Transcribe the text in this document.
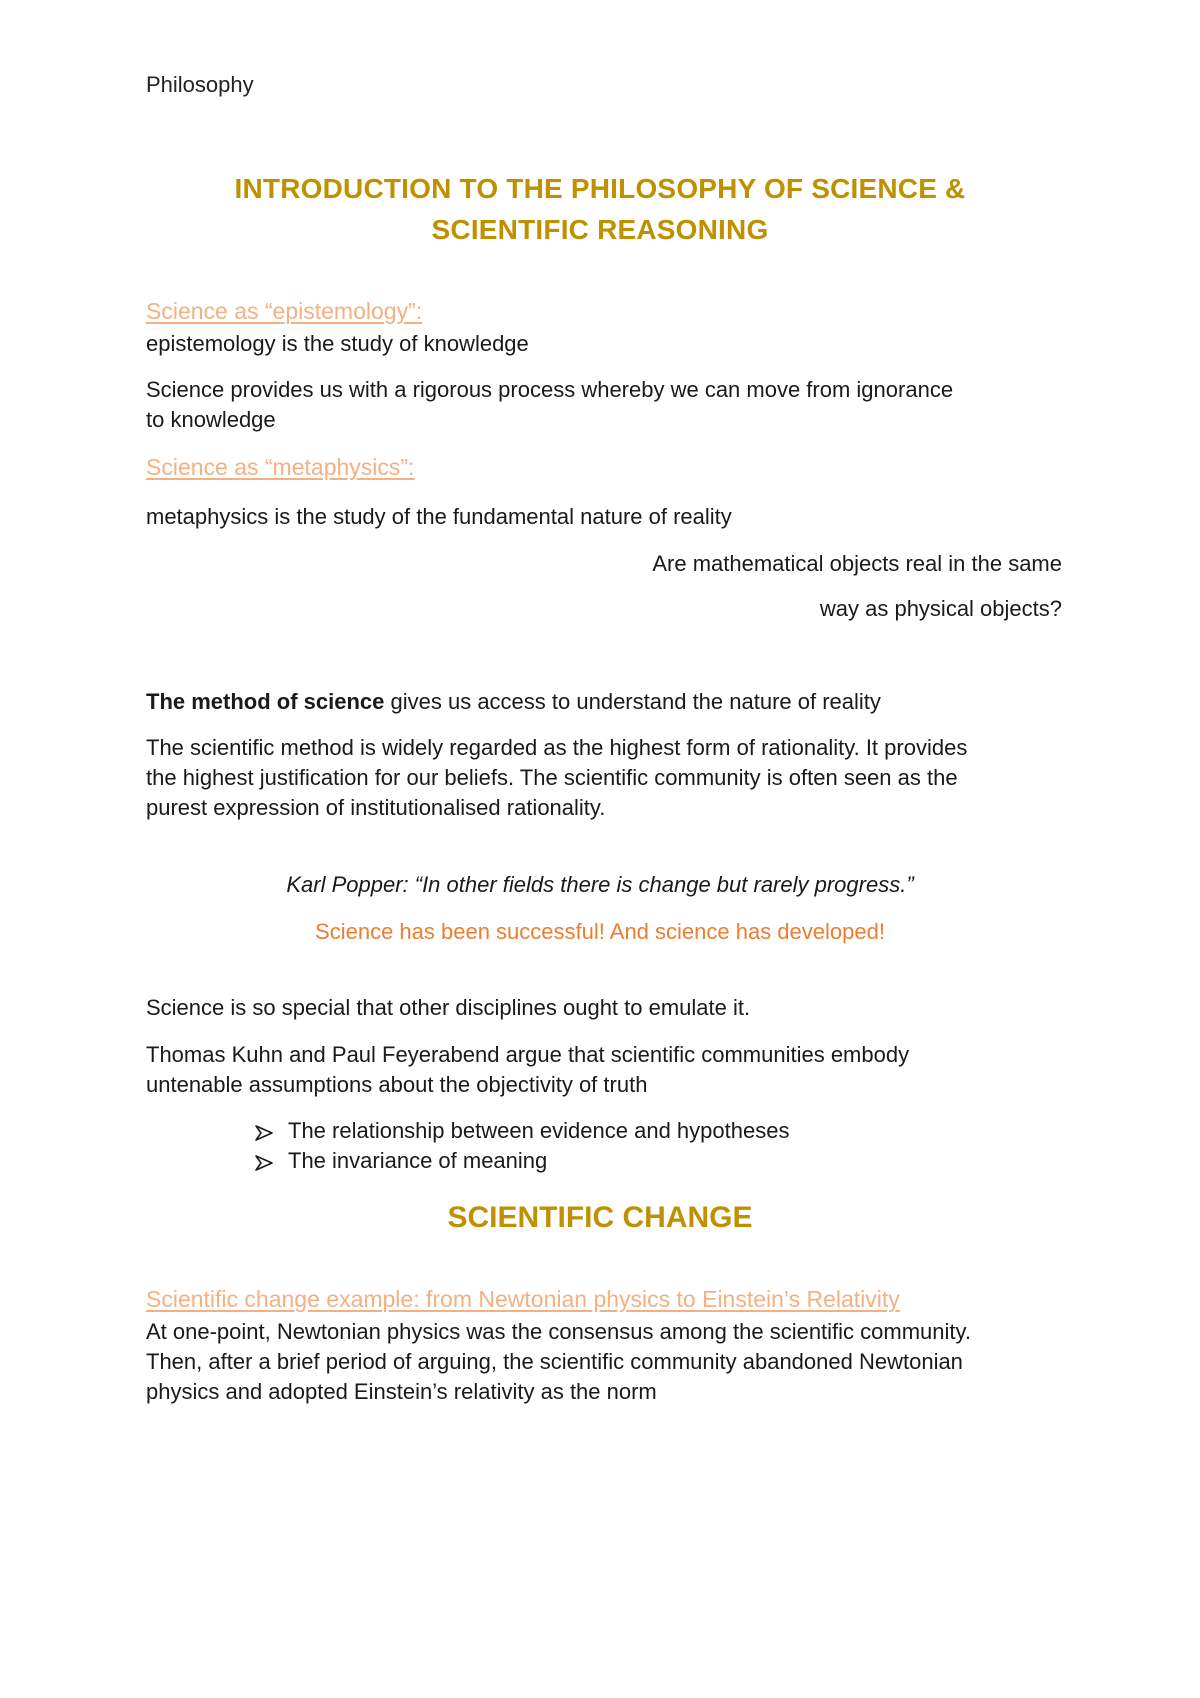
Philosophy
INTRODUCTION TO THE PHILOSOPHY OF SCIENCE &
SCIENTIFIC REASONING
Science as “epistemology”:
epistemology is the study of knowledge
Science provides us with a rigorous process whereby we can move from ignorance
to knowledge
Science as “metaphysics”:
metaphysics is the study of the fundamental nature of reality
Are mathematical objects real in the same
way as physical objects?
The method of science gives us access to understand the nature of reality
The scientific method is widely regarded as the highest form of rationality. It provides
the highest justification for our beliefs. The scientific community is often seen as the
purest expression of institutionalised rationality.
Karl Popper: “In other fields there is change but rarely progress.”
Science has been successful! And science has developed!
Science is so special that other disciplines ought to emulate it.
Thomas Kuhn and Paul Feyerabend argue that scientific communities embody
untenable assumptions about the objectivity of truth
The relationship between evidence and hypotheses
The invariance of meaning
SCIENTIFIC CHANGE
Scientific change example: from Newtonian physics to Einstein’s Relativity
At one-point, Newtonian physics was the consensus among the scientific community.
Then, after a brief period of arguing, the scientific community abandoned Newtonian
physics and adopted Einstein’s relativity as the norm
